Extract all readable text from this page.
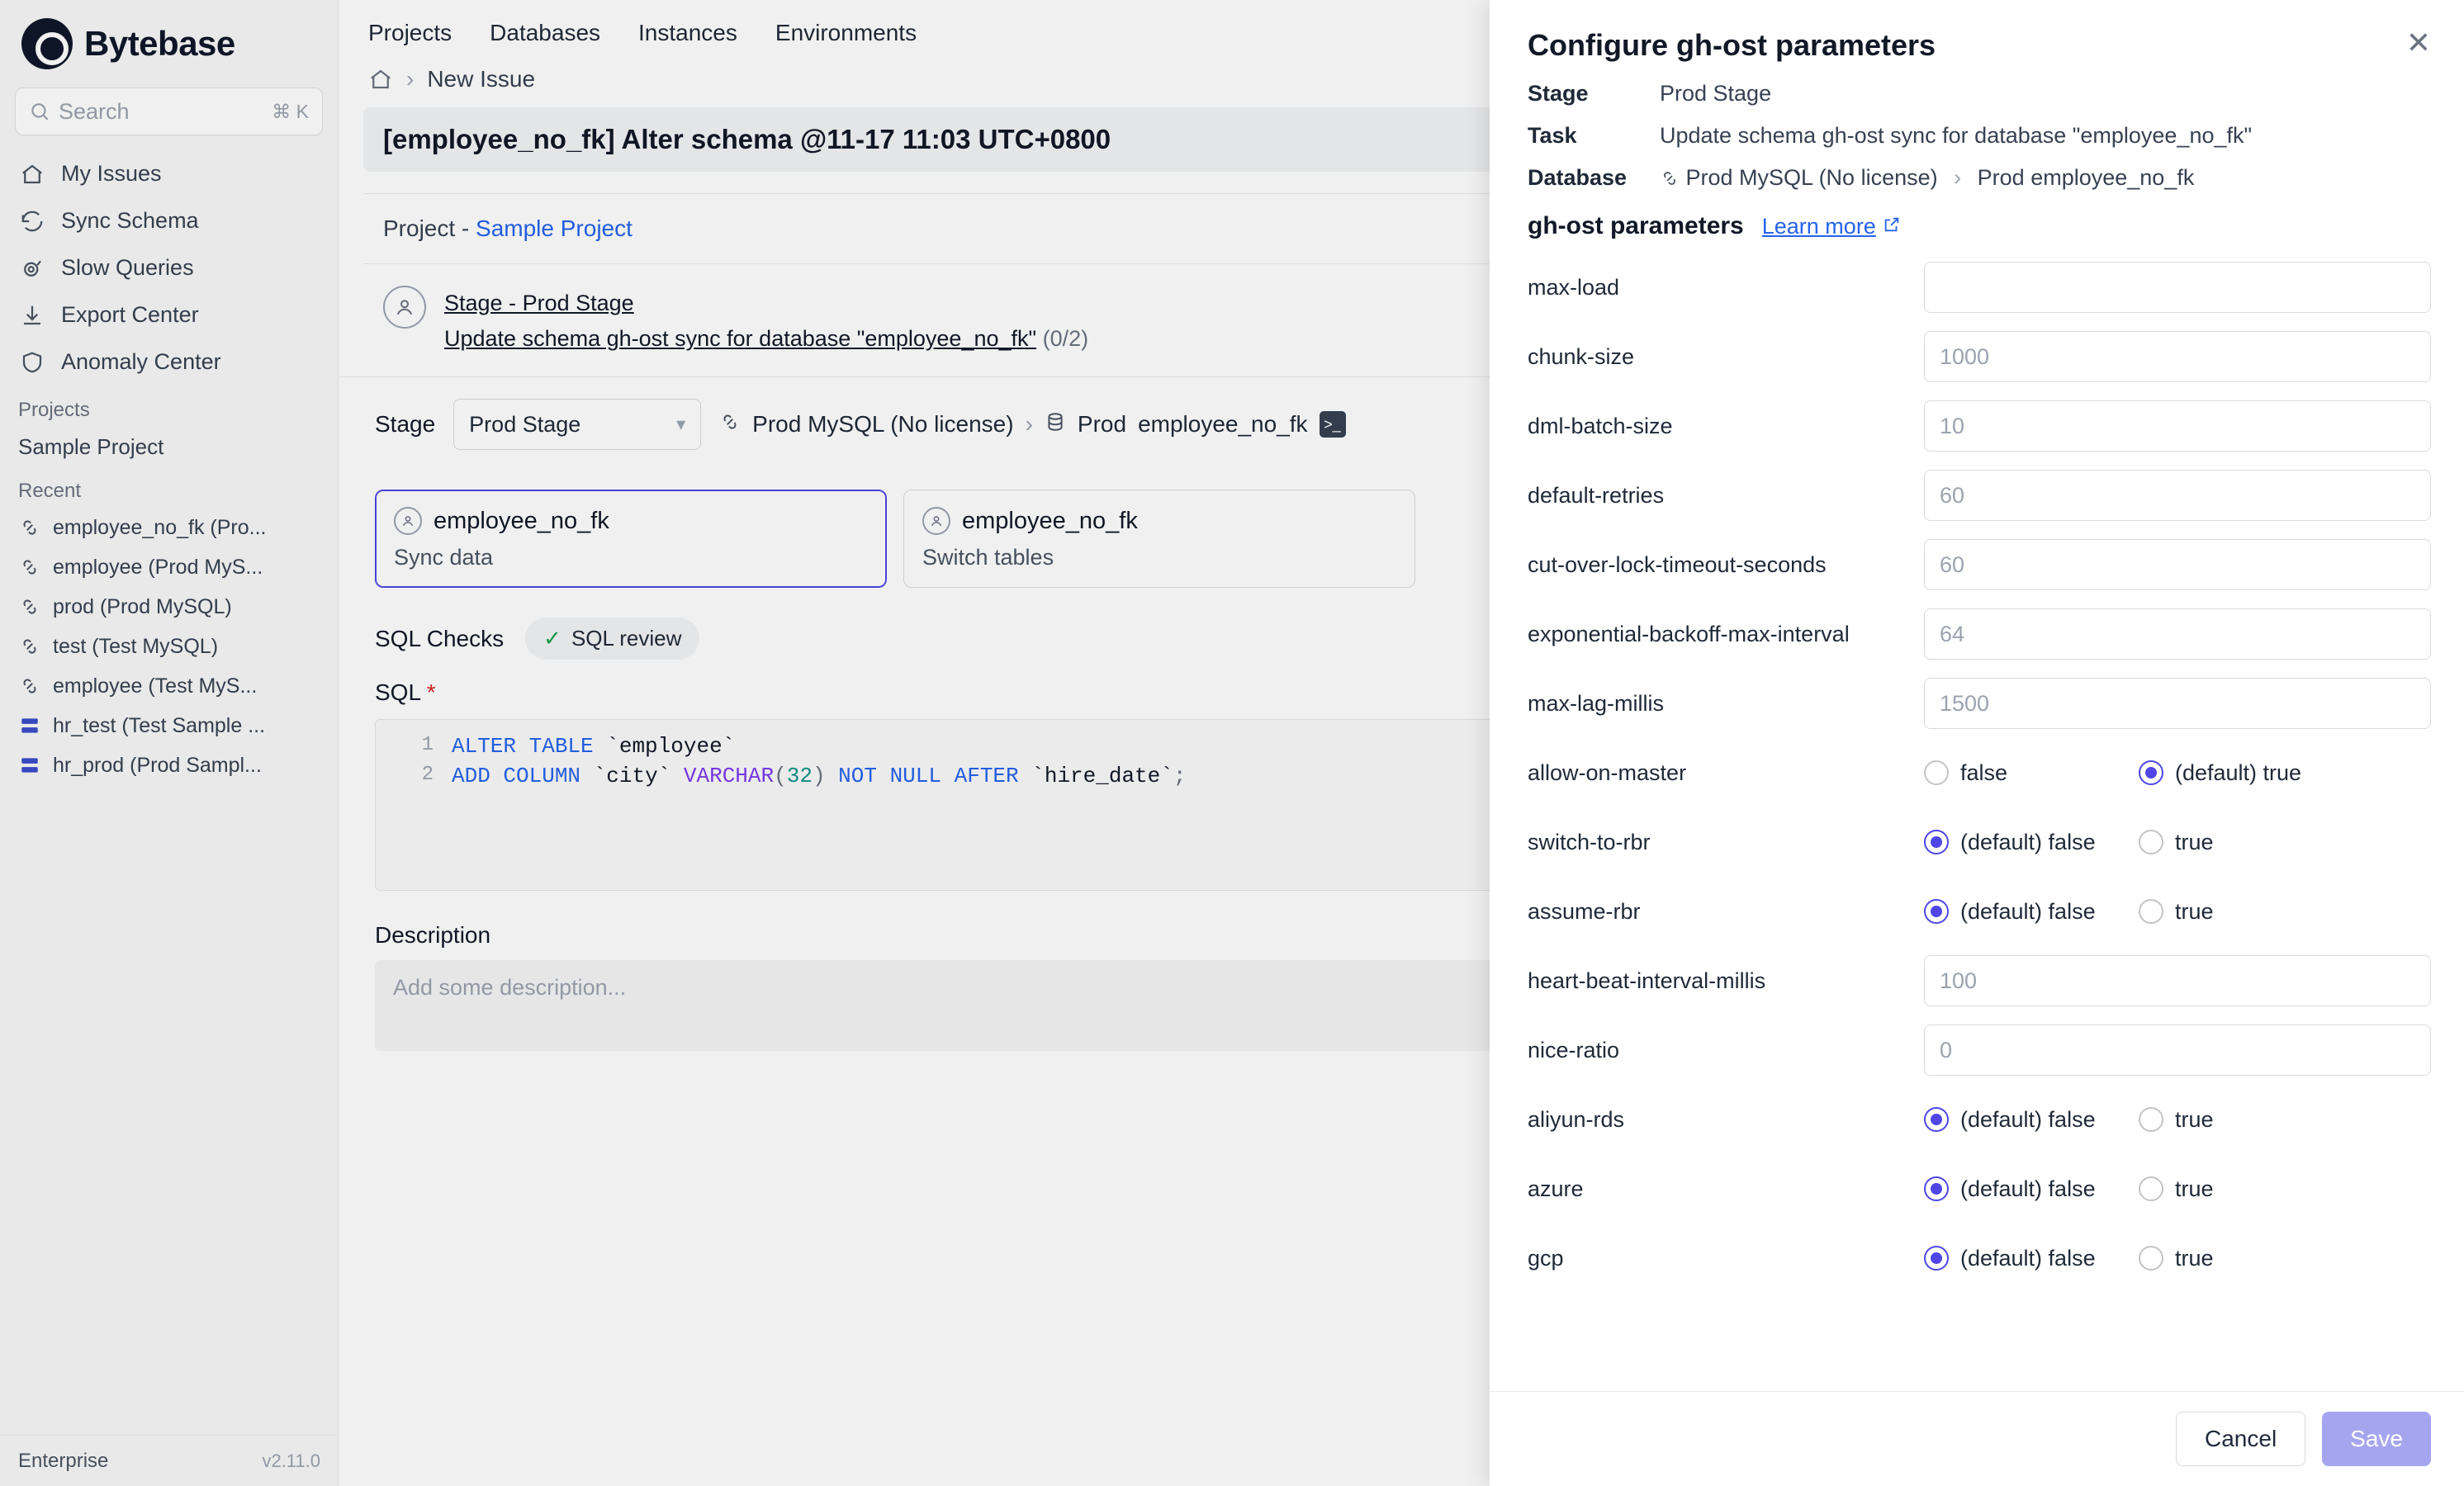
Bytebase
Search	⌘ K
My Issues
Sync Schema
Slow Queries
Export Center
Anomaly Center
Projects
Sample Project
Recent
employee_no_fk (Pro...
employee (Prod MyS...
prod (Prod MySQL)
test (Test MySQL)
employee (Test MyS...
hr_test (Test Sample ...
hr_prod (Prod Sampl...
Enterprise	v2.11.0
Projects Databases Instances Environments
› New Issue
[employee_no_fk] Alter schema @11-17 11:03 UTC+0800
Project - Sample Project
Stage - Prod Stage
Update schema gh-ost sync for database "employee_no_fk" (0/2)
Stage Prod Stage	▾	Prod MySQL (No license) › Prod employee_no_fk	>_
employee_no_fk
Sync data
employee_no_fk
Switch tables
SQL Checks ✓ SQL review
SQL *
1 ALTER TABLE `employee`
2 ADD COLUMN `city` VARCHAR(32) NOT NULL AFTER `hire_date`;
Description
Add some description...
Configure gh-ost parameters	✕
Stage	Prod Stage
Task	Update schema gh-ost sync for database "employee_no_fk"
Database	Prod MySQL (No license) › Prod employee_no_fk
gh-ost parameters Learn more
max-load
chunk-size	1000
dml-batch-size	10
default-retries	60
cut-over-lock-timeout-seconds	60
exponential-backoff-max-interval	64
max-lag-millis	1500
allow-on-master	false	(default) true
switch-to-rbr	(default) false	true
assume-rbr	(default) false	true
heart-beat-interval-millis	100
nice-ratio	0
aliyun-rds	(default) false	true
azure	(default) false	true
gcp	(default) false	true
Cancel	Save
